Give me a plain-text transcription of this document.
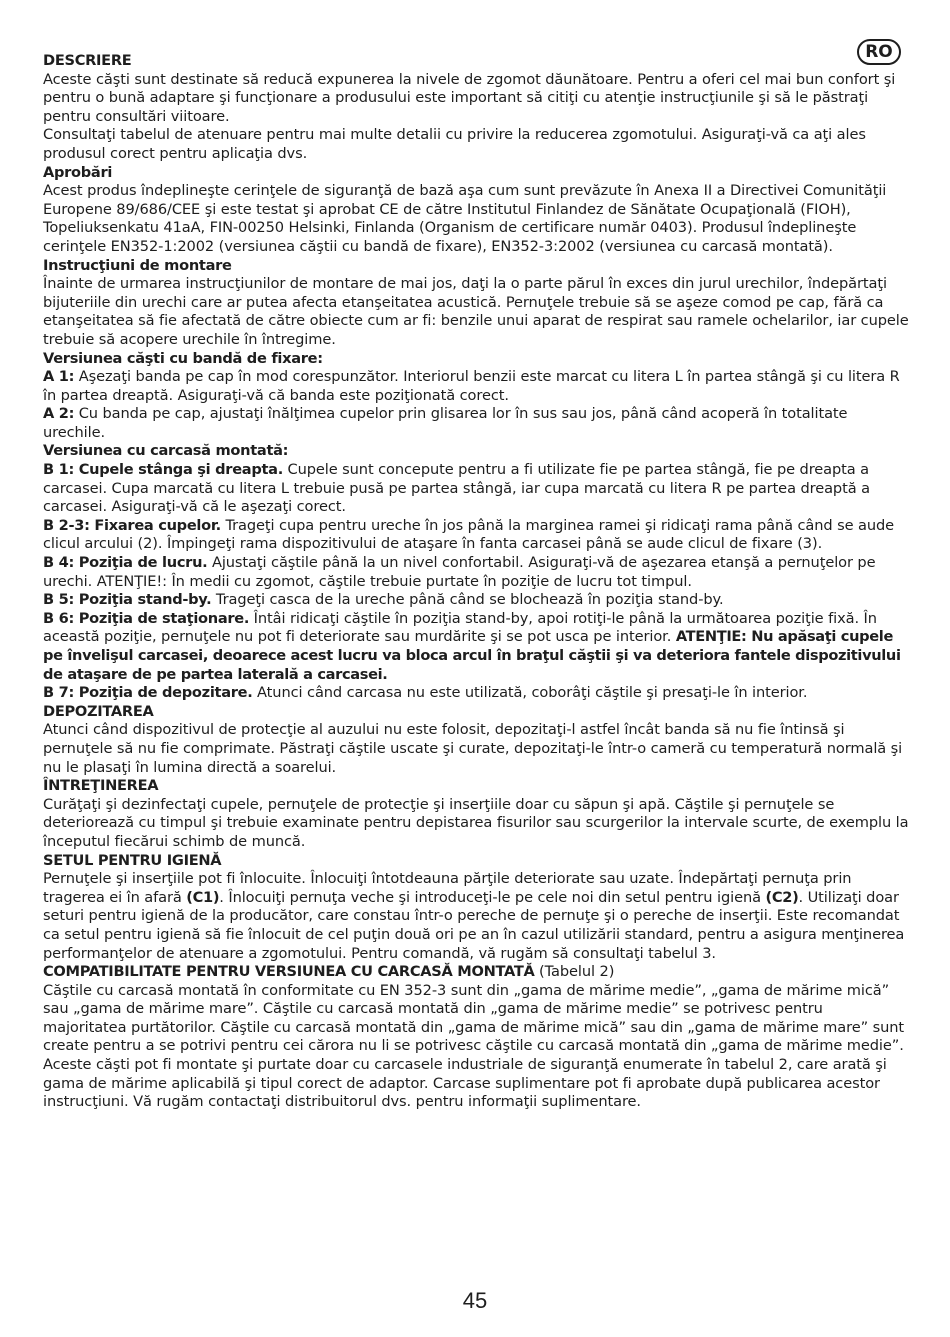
RO

DESCRIERE

Aceste căşti sunt destinate să reducă expunerea la nivele de zgomot dăunătoare. Pentru a oferi cel mai bun confort şi pentru o bună adaptare şi funcţionare a produsului este important să citiţi cu atenţie instrucţiunile şi să le păstraţi pentru consultări viitoare.

Consultaţi tabelul de atenuare pentru mai multe detalii cu privire la reducerea zgomotului. Asiguraţi-vă ca aţi ales produsul corect pentru aplicaţia dvs.

Aprobări

Acest produs îndeplineşte cerinţele de siguranţă de bază aşa cum sunt prevăzute în Anexa II a Directivei Comunităţii Europene 89/686/CEE şi este testat şi aprobat CE de către Institutul Finlandez de Sănătate Ocupaţională (FIOH), Topeliuksenkatu 41aA, FIN-00250 Helsinki, Finlanda (Organism de certificare număr 0403). Produsul îndeplineşte cerinţele EN352-1:2002 (versiunea căştii cu bandă de fixare), EN352-3:2002 (versiunea cu carcasă montată).

Instrucţiuni de montare

Înainte de urmarea instrucţiunilor de montare de mai jos, daţi la o parte părul în exces din jurul urechilor, îndepărtaţi bijuteriile din urechi care ar putea afecta etanşeitatea acustică. Pernuţele trebuie să se aşeze comod pe cap, fără ca etanşeitatea să fie afectată de către obiecte cum ar fi: benzile unui aparat de respirat sau ramele ochelarilor, iar cupele trebuie să acopere urechile în întregime.

Versiunea căşti cu bandă de fixare:

A 1: Aşezaţi banda pe cap în mod corespunzător. Interiorul benzii este marcat cu litera L în partea stângă şi cu litera R în partea dreaptă. Asiguraţi-vă că banda este poziţionată corect.

A 2: Cu banda pe cap, ajustaţi înălţimea cupelor prin glisarea lor în sus sau jos, până când acoperă în totalitate urechile.

Versiunea cu carcasă montată:

B 1: Cupele stânga şi dreapta. Cupele sunt concepute pentru a fi utilizate fie pe partea stângă, fie pe dreapta a carcasei. Cupa marcată cu litera L trebuie pusă pe partea stângă, iar cupa marcată cu litera R pe partea dreaptă a carcasei. Asiguraţi-vă că le aşezaţi corect.

B 2-3: Fixarea cupelor. Trageţi cupa pentru ureche în jos până la marginea ramei şi ridicaţi rama până când se aude clicul arcului (2). Împingeţi rama dispozitivului de ataşare în fanta carcasei până se aude clicul de fixare (3).

B 4: Poziţia de lucru. Ajustaţi căştile până la un nivel confortabil. Asiguraţi-vă de aşezarea etanşă a pernuţelor pe urechi. ATENŢIE!: În medii cu zgomot, căştile trebuie purtate în poziţie de lucru tot timpul.

B 5: Poziţia stand-by. Trageţi casca de la ureche până când se blochează în poziţia stand-by.

B 6: Poziţia de staţionare. Întâi ridicaţi căştile în poziţia stand-by, apoi rotiţi-le până la următoarea poziţie fixă. În această poziţie, pernuţele nu pot fi deteriorate sau murdărite şi se pot usca pe interior. ATENŢIE: Nu apăsaţi cupele pe învelişul carcasei, deoarece acest lucru va bloca arcul în braţul căştii şi va deteriora fantele dispozitivului de ataşare de pe partea laterală a carcasei.

B 7: Poziţia de depozitare. Atunci când carcasa nu este utilizată, coborâţi căştile şi presaţi-le în interior.

DEPOZITAREA

Atunci când dispozitivul de protecţie al auzului nu este folosit, depozitaţi-l astfel încât banda să nu fie întinsă şi pernuţele să nu fie comprimate. Păstraţi căştile uscate şi curate, depozitaţi-le într-o cameră cu temperatură normală şi nu le plasaţi în lumina directă a soarelui.

ÎNTREŢINEREA

Curăţaţi şi dezinfectaţi cupele, pernuţele de protecţie şi inserţiile doar cu săpun şi apă. Căştile şi pernuţele se deteriorează cu timpul şi trebuie examinate pentru depistarea fisurilor sau scurgerilor la intervale scurte, de exemplu la începutul fiecărui schimb de muncă.

SETUL PENTRU IGIENĂ

Pernuţele şi inserţiile pot fi înlocuite. Înlocuiţi întotdeauna părţile deteriorate sau uzate. Îndepărtaţi pernuţa prin tragerea ei în afară (C1). Înlocuiţi pernuţa veche şi introduceţi-le pe cele noi din setul pentru igienă (C2). Utilizaţi doar seturi pentru igienă de la producător, care constau într-o pereche de pernuţe şi o pereche de inserţii. Este recomandat ca setul pentru igienă să fie înlocuit de cel puţin două ori pe an în cazul utilizării standard, pentru a asigura menţinerea performanţelor de atenuare a zgomotului. Pentru comandă, vă rugăm să consultaţi tabelul 3.

COMPATIBILITATE PENTRU VERSIUNEA CU CARCASĂ MONTATĂ (Tabelul 2)

Căştile cu carcasă montată în conformitate cu EN 352-3 sunt din „gama de mărime medie”, „gama de mărime mică” sau „gama de mărime mare”. Căştile cu carcasă montată din „gama de mărime medie” se potrivesc pentru majoritatea purtătorilor. Căştile cu carcasă montată din „gama de mărime mică” sau din „gama de mărime mare” sunt create pentru a se potrivi pentru cei cărora nu li se potrivesc căştile cu carcasă montată din „gama de mărime medie”.

Aceste căşti pot fi montate şi purtate doar cu carcasele industriale de siguranţă enumerate în tabelul 2, care arată şi gama de mărime aplicabilă şi tipul corect de adaptor. Carcase suplimentare pot fi aprobate după publicarea acestor instrucţiuni. Vă rugăm contactaţi distribuitorul dvs. pentru informaţii suplimentare.

45
